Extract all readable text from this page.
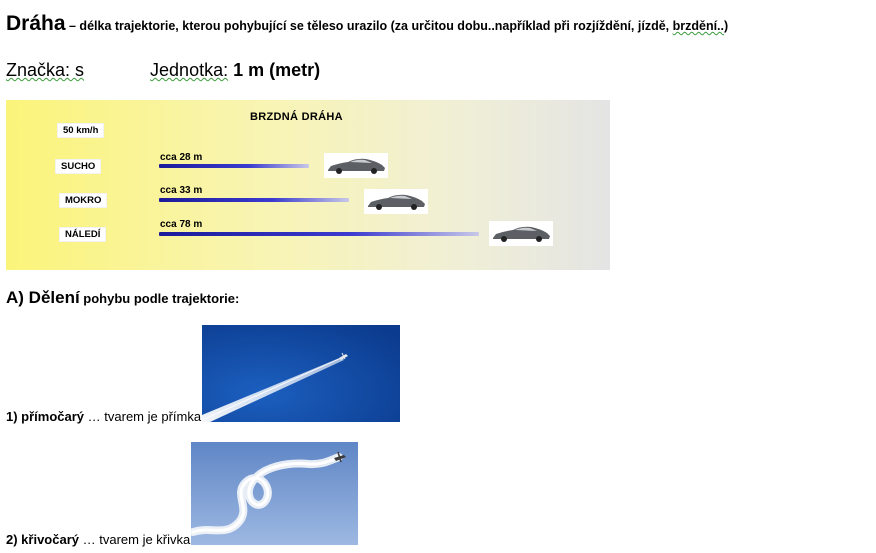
Dráha – délka trajektorie, kterou pohybující se těleso urazilo (za určitou dobu..například při rozjíždění, jízdě, brzdění..)
Značka: s	Jednotka: 1 m (metr)
BRZDNÁ DRÁHA
50 km/h
SUCHO
cca 28 m
MOKRO
cca 33 m
NÁLEDÍ
cca 78 m
A) Dělení pohybu podle trajektorie:
1) přímočarý … tvarem je přímka
2) křivočarý … tvarem je křivka
